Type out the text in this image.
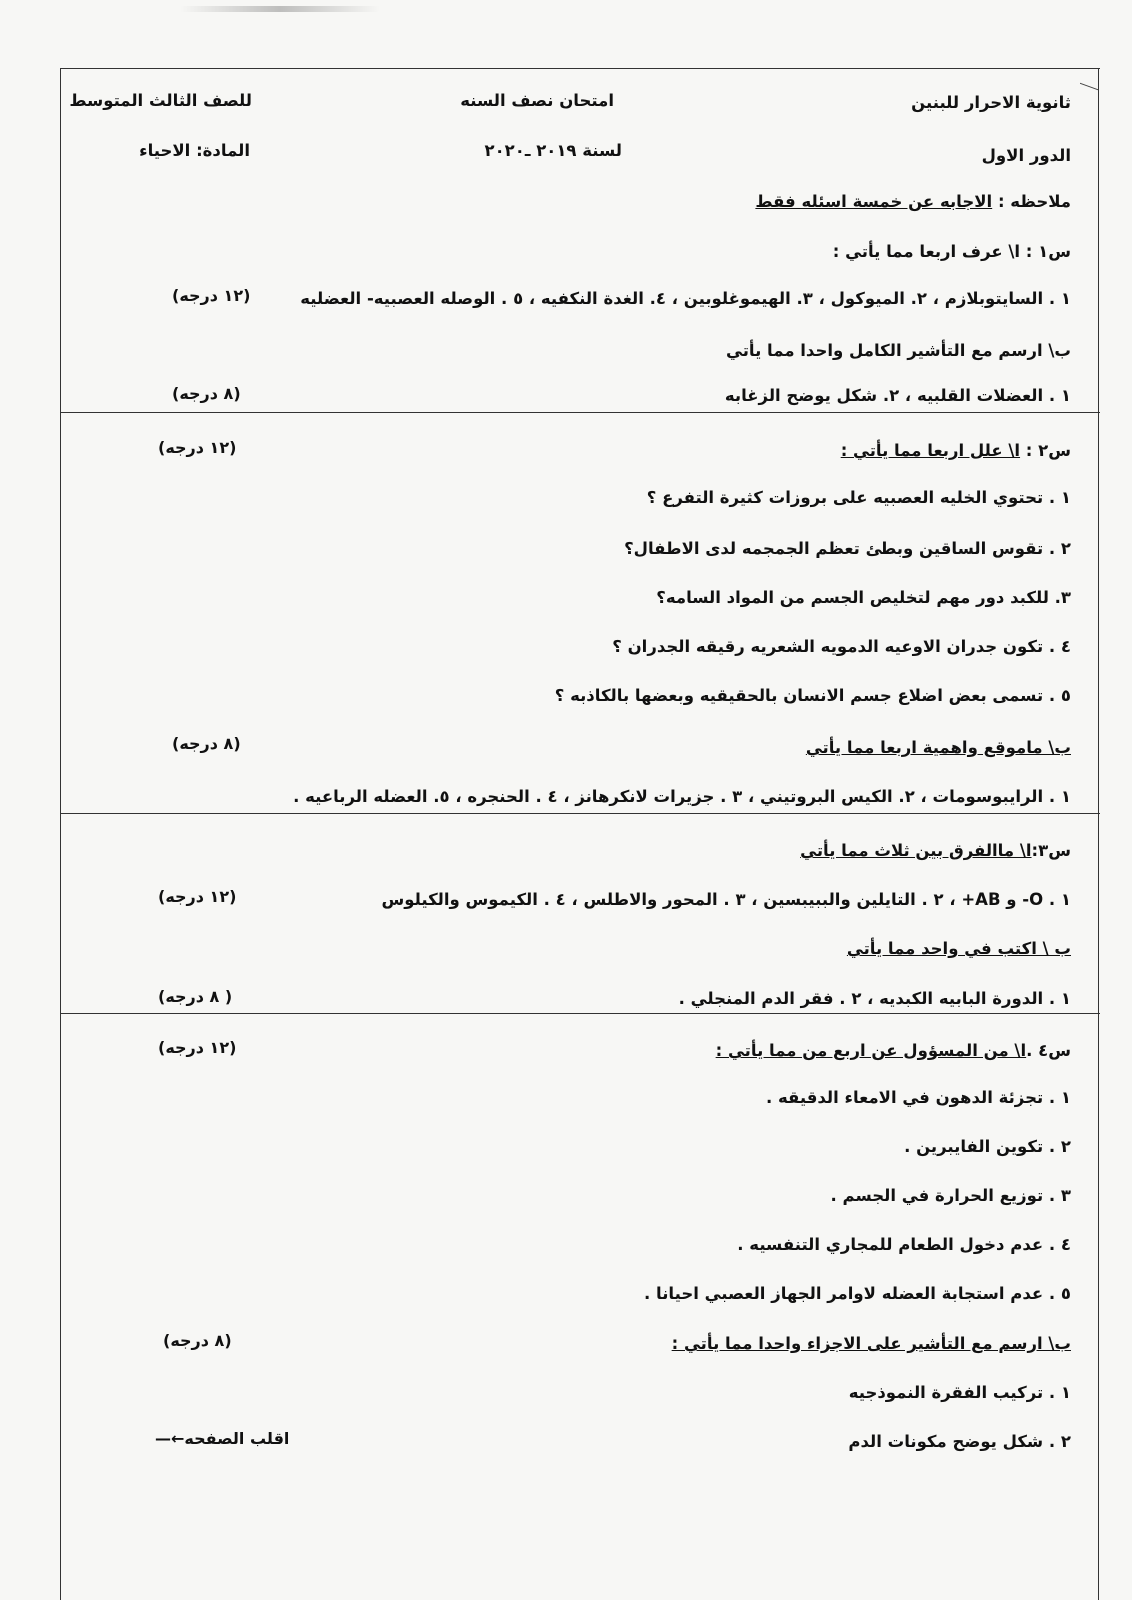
ثانوية الاحرار للبنين
امتحان نصف السنه
للصف الثالث المتوسط
الدور الاول
لسنة ٢٠١٩ ـ٢٠٢٠
المادة: الاحياء
ملاحظه : الاجابه عن خمسة اسئله فقط
س١ : ا\ عرف اربعا مما يأتي :
١ . السايتوبلازم ، ٢. الميوكول ، ٣. الهيموغلوبين ، ٤. الغدة النكفيه ، ٥ . الوصله العصبيه- العضليه
(١٢ درجه)
ب\ ارسم مع التأشير الكامل واحدا مما يأتي
١ . العضلات القلبيه ، ٢. شكل يوضح الزغابه
(٨ درجه)
س٢ : ا\ علل اربعا مما يأتي :
(١٢ درجه)
١ . تحتوي الخليه العصبيه على بروزات كثيرة التفرع ؟
٢ . تقوس الساقين وبطئ تعظم الجمجمه لدى الاطفال؟
٣. للكبد دور مهم لتخليص الجسم من المواد السامه؟
٤ . تكون جدران الاوعيه الدمويه الشعريه رقيقه الجدران ؟
٥ . تسمى بعض اضلاع جسم الانسان بالحقيقيه وبعضها بالكاذبه ؟
ب\ ماموقع واهمية اربعا مما يأتي
(٨ درجه)
١ . الرايبوسومات ، ٢. الكيس البروتيني ، ٣ . جزيرات لانكرهانز ، ٤ . الحنجره ، ٥. العضله الرباعيه .
س٣:ا\ ماالفرق بين ثلاث مما يأتي
١ . ‎-O‎ و ‎+AB‎ ، ٢ . التايلين والببيبسين ، ٣ . المحور والاطلس ، ٤ . الكيموس والكيلوس
(١٢ درجه)
ب \ اكتب في واحد مما يأتي
١ . الدورة البابيه الكبديه ، ٢ . فقر الدم المنجلي .
( ٨ درجه)
س٤ .ا\ من المسؤول عن اربع من مما يأتي :
(١٢ درجه)
١ . تجزئة الدهون في الامعاء الدقيقه .
٢ . تكوين الفايبرين .
٣ . توزيع الحرارة في الجسم .
٤ . عدم دخول الطعام للمجاري التنفسيه .
٥ . عدم استجابة العضله لاوامر الجهاز العصبي احيانا .
ب\ ارسم مع التأشير على الاجزاء واحدا مما يأتي :
(٨ درجه)
١ . تركيب الفقرة النموذجيه
٢ . شكل يوضح مكونات الدم
اقلب الصفحه←—
